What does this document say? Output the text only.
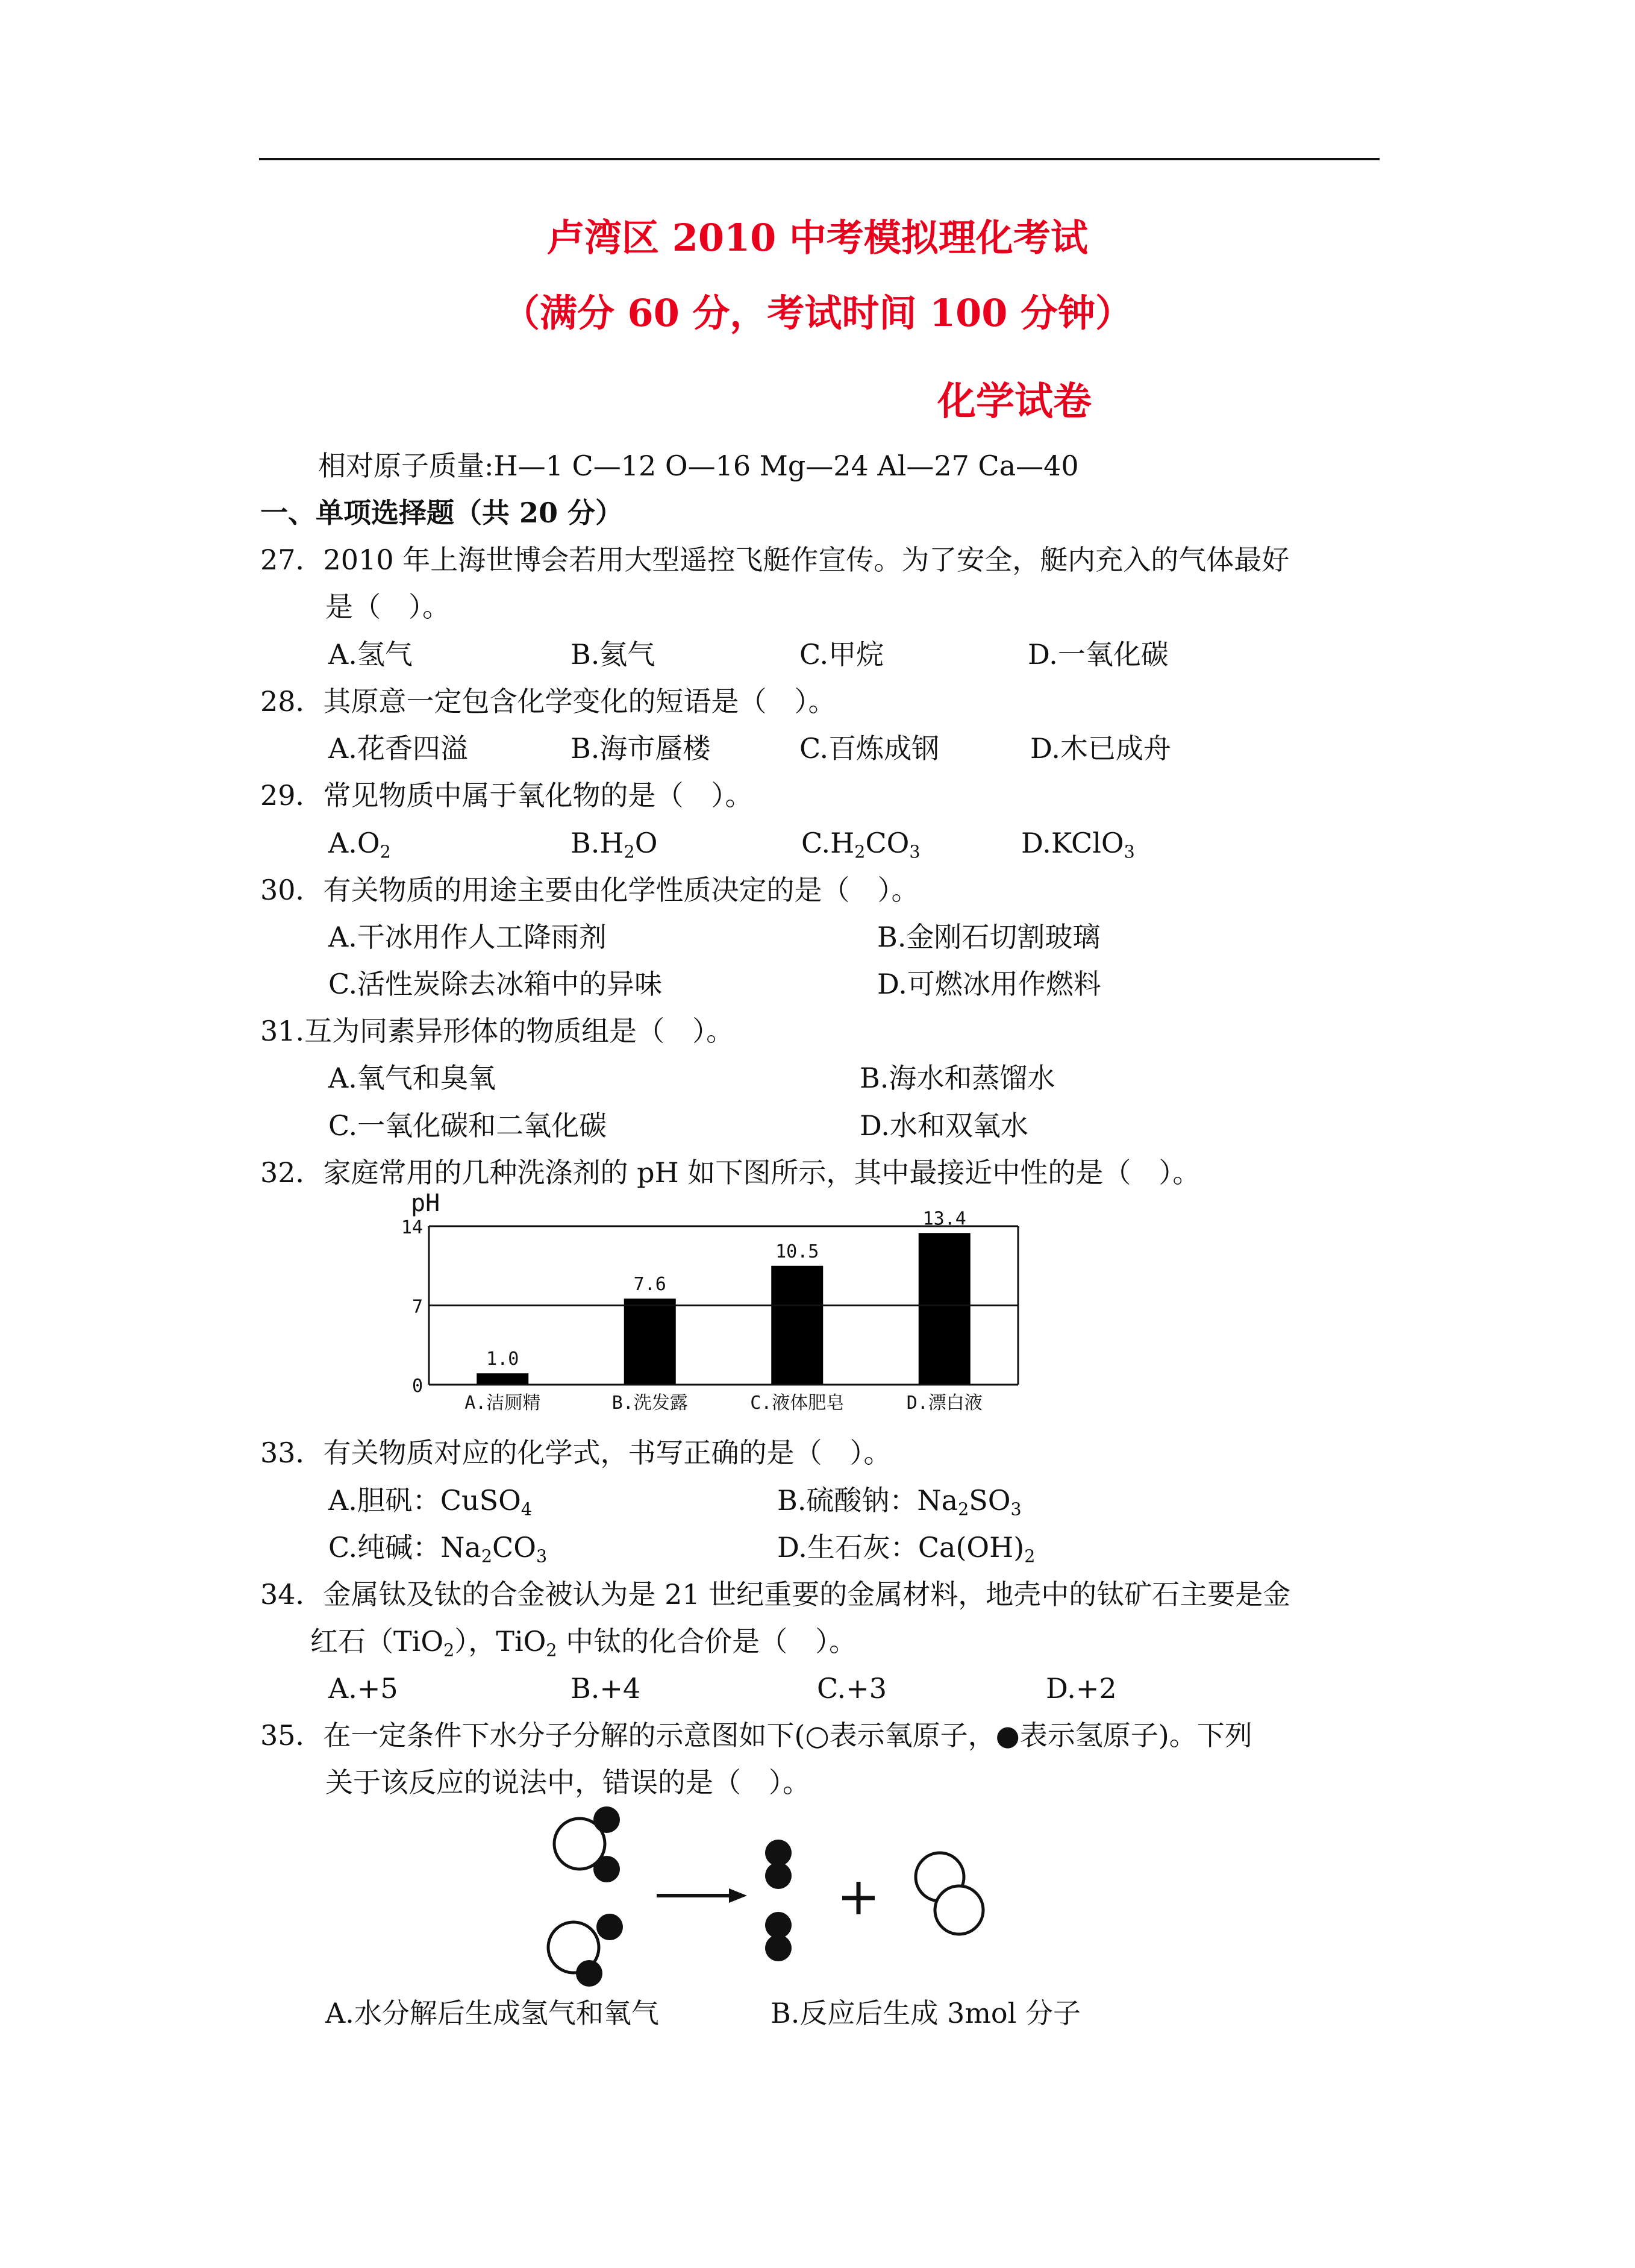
卢湾区 2010 中考模拟理化考试
（满分 60 分，考试时间 100 分钟）
化学试卷
相对原子质量:H—1 C—12 O—16 Mg—24 Al—27 Ca—40
一、单项选择题（共 20 分）
27．2010 年上海世博会若用大型遥控飞艇作宣传。为了安全，艇内充入的气体最好
是（　）。
A.氢气	B.氦气	C.甲烷	D.一氧化碳
28．其原意一定包含化学变化的短语是（　）。
A.花香四溢	B.海市蜃楼	C.百炼成钢	D.木已成舟
29．常见物质中属于氧化物的是（　）。
$A.O_2$	$B.H_2O$	$C.H_2CO_3$	D.KClO$_3$
30．有关物质的用途主要由化学性质决定的是（　）。
A.干冰用作人工降雨剂	B.金刚石切割玻璃
C.活性炭除去冰箱中的异味	D.可燃冰用作燃料
31.互为同素异形体的物质组是（　）。
A.氧气和臭氧	B.海水和蒸馏水
C.一氧化碳和二氧化碳	D.水和双氧水
32．家庭常用的几种洗涤剂的 pH 如下图所示，其中最接近中性的是（　）。
pH
14
7
0
1.0
7.6
10.5
13.4
A.洁厕精	B.洗发露	C.液体肥皂	D.漂白液
33．有关物质对应的化学式，书写正确的是（　）。
A.胆矾：CuSO$_4$	B.硫酸钠：$Na_2SO_3$
C.纯碱：$Na_2CO_3$	D.生石灰：$Ca(OH)_2$
34．金属钛及钛的合金被认为是 21 世纪重要的金属材料，地壳中的钛矿石主要是金
红石（TiO$_2$），TiO$_2$ 中钛的化合价是（　）。
A.+5	B.+4	C.+3	D.+2
35．在一定条件下水分子分解的示意图如下(○表示氧原子，●表示氢原子)。下列
关于该反应的说法中，错误的是（　）。
A.水分解后生成氢气和氧气	B.反应后生成 3mol 分子
